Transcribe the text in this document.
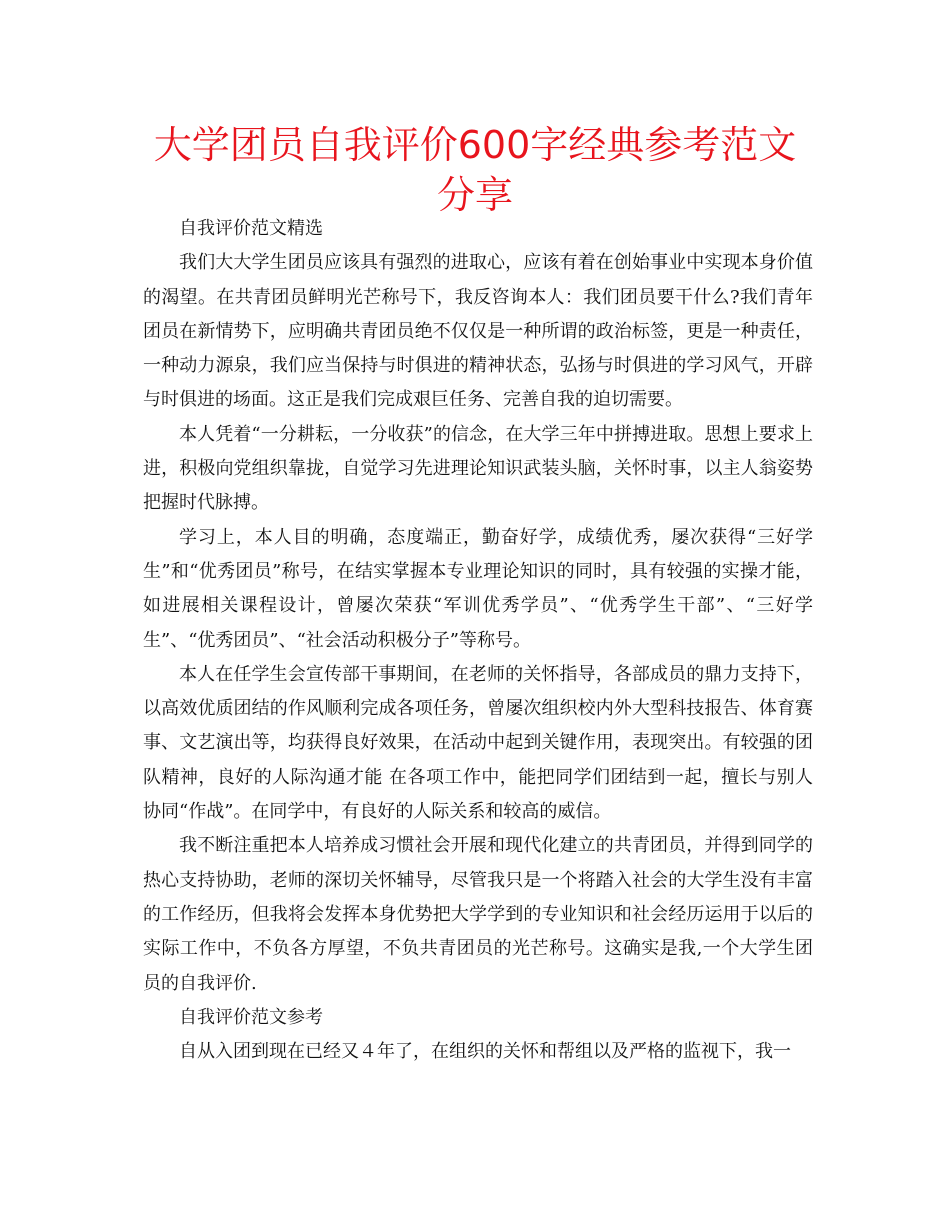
大学团员自我评价600字经典参考范文分享

自我评价范文精选

我们大大学生团员应该具有强烈的进取心，应该有着在创始事业中实现本身价值的渴望。在共青团员鲜明光芒称号下，我反咨询本人：我们团员要干什么?我们青年团员在新情势下，应明确共青团员绝不仅仅是一种所谓的政治标签，更是一种责任，一种动力源泉，我们应当保持与时俱进的精神状态，弘扬与时俱进的学习风气，开辟与时俱进的场面。这正是我们完成艰巨任务、完善自我的迫切需要。

本人凭着“一分耕耘，一分收获”的信念，在大学三年中拼搏进取。思想上要求上进，积极向党组织靠拢，自觉学习先进理论知识武装头脑，关怀时事，以主人翁姿势把握时代脉搏。

学习上，本人目的明确，态度端正，勤奋好学，成绩优秀，屡次获得“三好学生”和“优秀团员”称号，在结实掌握本专业理论知识的同时，具有较强的实操才能，如进展相关课程设计，曾屡次荣获“军训优秀学员”、“优秀学生干部”、“三好学生”、“优秀团员”、“社会活动积极分子”等称号。

本人在任学生会宣传部干事期间，在老师的关怀指导，各部成员的鼎力支持下，以高效优质团结的作风顺利完成各项任务，曾屡次组织校内外大型科技报告、体育赛事、文艺演出等，均获得良好效果，在活动中起到关键作用，表现突出。有较强的团队精神，良好的人际沟通才能 在各项工作中，能把同学们团结到一起，擅长与别人协同“作战”。在同学中，有良好的人际关系和较高的威信。

我不断注重把本人培养成习惯社会开展和现代化建立的共青团员，并得到同学的热心支持协助，老师的深切关怀辅导，尽管我只是一个将踏入社会的大学生没有丰富的工作经历，但我将会发挥本身优势把大学学到的专业知识和社会经历运用于以后的实际工作中，不负各方厚望，不负共青团员的光芒称号。这确实是我,一个大学生团员的自我评价.

自我评价范文参考

自从入团到现在已经又４年了，在组织的关怀和帮组以及严格的监视下，我一
